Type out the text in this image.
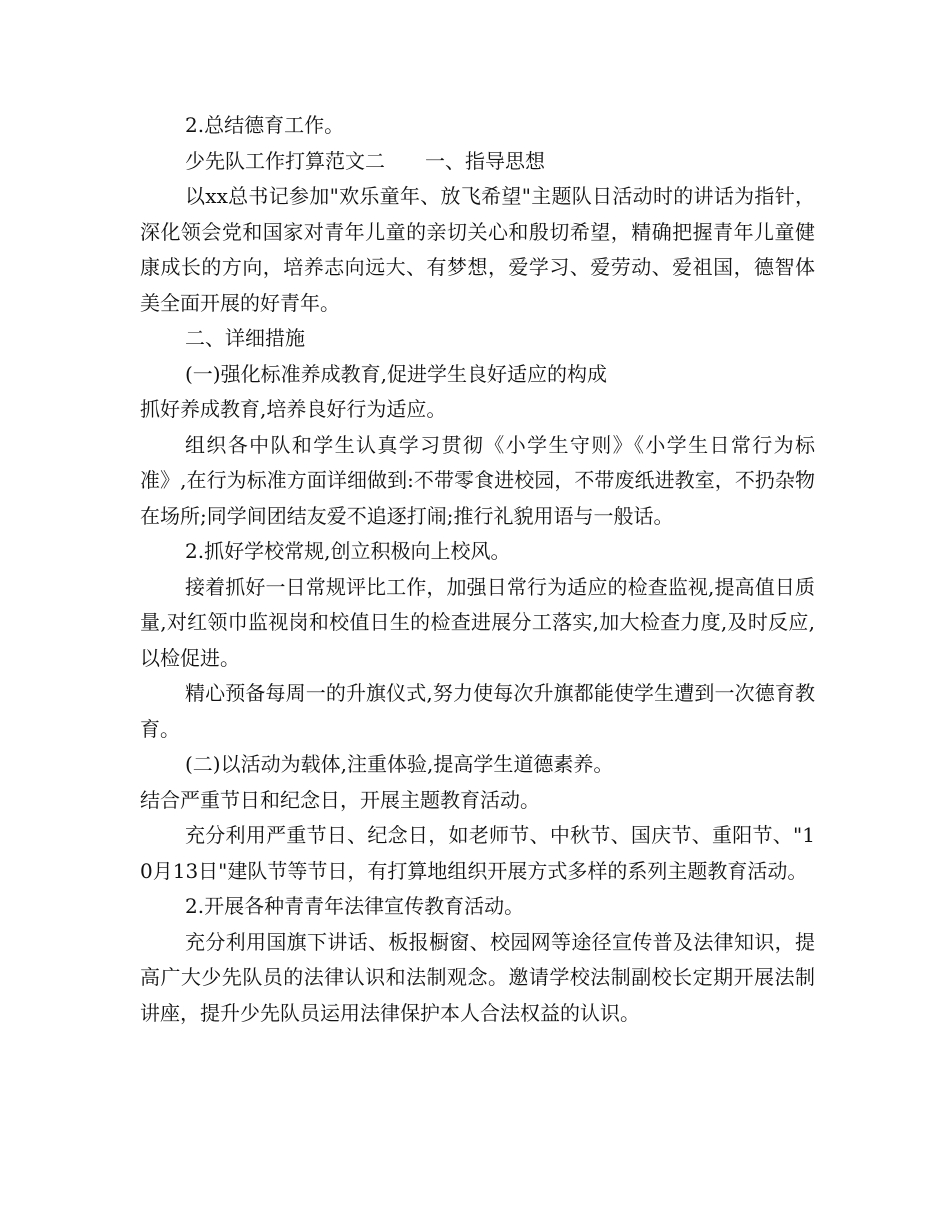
2.总结德育工作。

少先队工作打算范文二　　一、指导思想

以xx总书记参加"欢乐童年、放飞希望"主题队日活动时的讲话为指针，深化领会党和国家对青年儿童的亲切关心和殷切希望，精确把握青年儿童健康成长的方向，培养志向远大、有梦想，爱学习、爱劳动、爱祖国，德智体美全面开展的好青年。

二、详细措施

(一)强化标准养成教育,促进学生良好适应的构成

抓好养成教育,培养良好行为适应。

组织各中队和学生认真学习贯彻《小学生守则》《小学生日常行为标准》,在行为标准方面详细做到:不带零食进校园，不带废纸进教室，不扔杂物在场所;同学间团结友爱不追逐打闹;推行礼貌用语与一般话。

2.抓好学校常规,创立积极向上校风。

接着抓好一日常规评比工作，加强日常行为适应的检查监视,提高值日质量,对红领巾监视岗和校值日生的检查进展分工落实,加大检查力度,及时反应,以检促进。

精心预备每周一的升旗仪式,努力使每次升旗都能使学生遭到一次德育教育。

(二)以活动为载体,注重体验,提高学生道德素养。

结合严重节日和纪念日，开展主题教育活动。

充分利用严重节日、纪念日，如老师节、中秋节、国庆节、重阳节、"10月13日"建队节等节日，有打算地组织开展方式多样的系列主题教育活动。

2.开展各种青青年法律宣传教育活动。

充分利用国旗下讲话、板报橱窗、校园网等途径宣传普及法律知识，提高广大少先队员的法律认识和法制观念。邀请学校法制副校长定期开展法制讲座，提升少先队员运用法律保护本人合法权益的认识。
